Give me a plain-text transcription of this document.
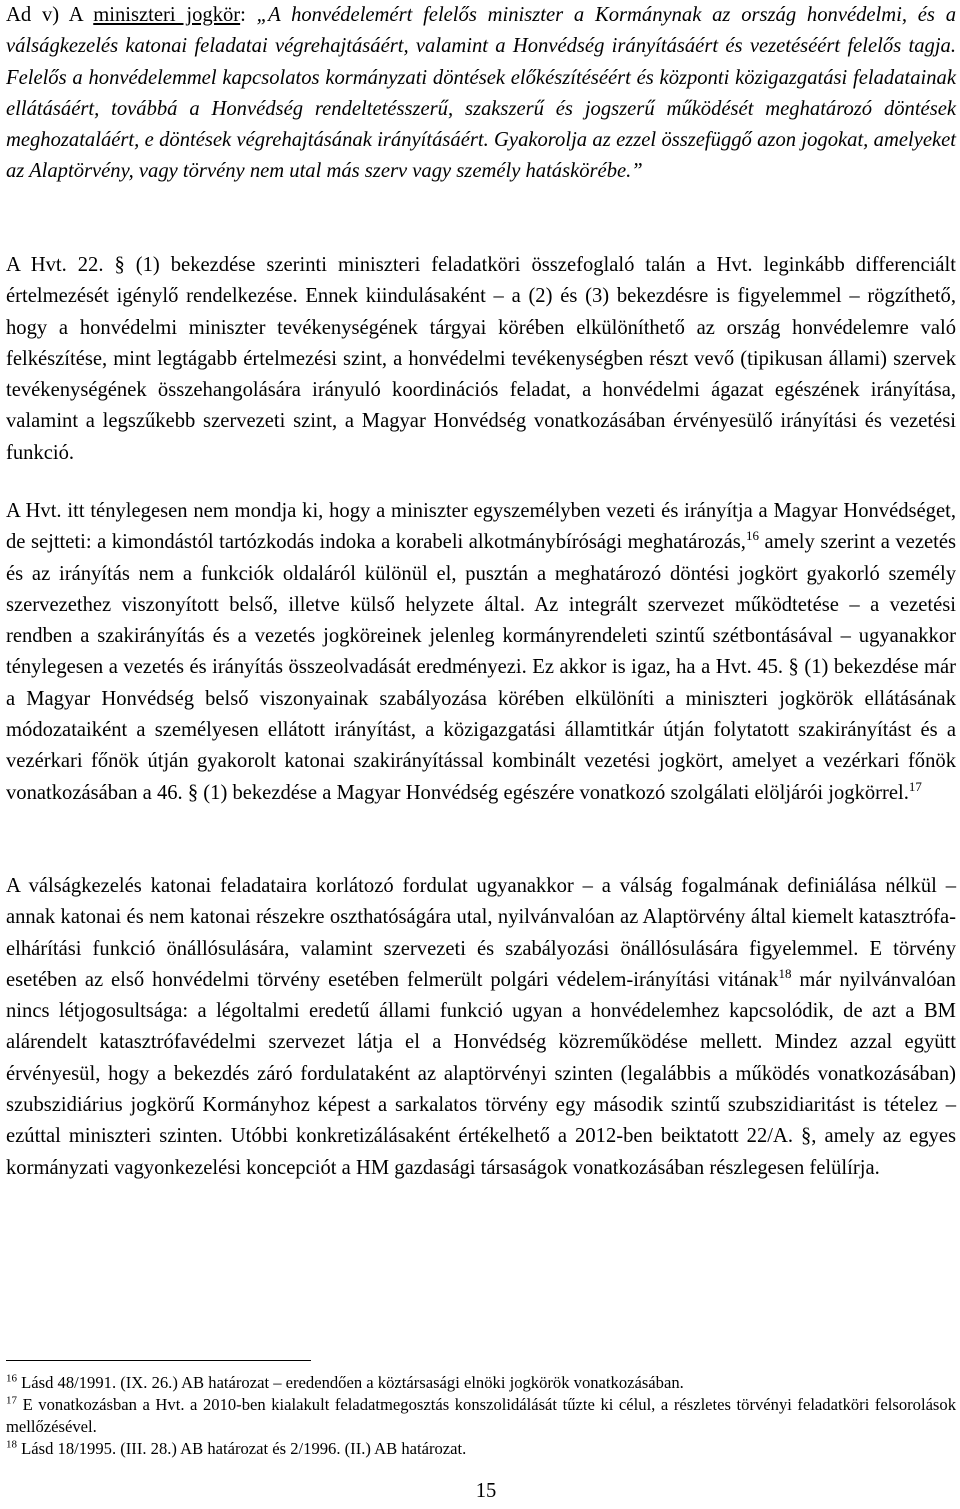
Ad v) A miniszteri jogkör: „A honvédelemért felelős miniszter a Kormánynak az ország honvédelmi, és a válságkezelés katonai feladatai végrehajtásáért, valamint a Honvédség irányításáért és vezetéséért felelős tagja. Felelős a honvédelemmel kapcsolatos kormányzati döntések előkészítéséért és központi közigazgatási feladatainak ellátásáért, továbbá a Honvédség rendeltetésszerű, szakszerű és jogszerű működését meghatározó döntések meghozataláért, e döntések végrehajtásának irányításáért. Gyakorolja az ezzel összefüggő azon jogokat, amelyeket az Alaptörvény, vagy törvény nem utal más szerv vagy személy hatáskörébe.”

A Hvt. 22. § (1) bekezdése szerinti miniszteri feladatköri összefoglaló talán a Hvt. leginkább differenciált értelmezését igénylő rendelkezése. Ennek kiindulásaként – a (2) és (3) bekezdésre is figyelemmel – rögzíthető, hogy a honvédelmi miniszter tevékenységének tárgyai körében elkülöníthető az ország honvédelemre való felkészítése, mint legtágabb értelmezési szint, a honvédelmi tevékenységben részt vevő (tipikusan állami) szervek tevékenységének összehangolására irányuló koordinációs feladat, a honvédelmi ágazat egészének irányítása, valamint a legszűkebb szervezeti szint, a Magyar Honvédség vonatkozásában érvényesülő irányítási és vezetési funkció.

A Hvt. itt ténylegesen nem mondja ki, hogy a miniszter egyszemélyben vezeti és irányítja a Magyar Honvédséget, de sejtteti: a kimondástól tartózkodás indoka a korabeli alkotmánybírósági meghatározás,$^{16}$ amely szerint a vezetés és az irányítás nem a funkciók oldaláról különül el, pusztán a meghatározó döntési jogkört gyakorló személy szervezethez viszonyított belső, illetve külső helyzete által. Az integrált szervezet működtetése – a vezetési rendben a szakirányítás és a vezetés jogköreinek jelenleg kormányrendeleti szintű szétbontásával – ugyanakkor ténylegesen a vezetés és irányítás összeolvadását eredményezi. Ez akkor is igaz, ha a Hvt. 45. § (1) bekezdése már a Magyar Honvédség belső viszonyainak szabályozása körében elkülöníti a miniszteri jogkörök ellátásának módozataiként a személyesen ellátott irányítást, a közigazgatási államtitkár útján folytatott szakirányítást és a vezérkari főnök útján gyakorolt katonai szakirányítással kombinált vezetési jogkört, amelyet a vezérkari főnök vonatkozásában a 46. § (1) bekezdése a Magyar Honvédség egészére vonatkozó szolgálati elöljárói jogkörrel.$^{17}$

A válságkezelés katonai feladataira korlátozó fordulat ugyanakkor – a válság fogalmának definiálása nélkül – annak katonai és nem katonai részekre oszthatóságára utal, nyilvánvalóan az Alaptörvény által kiemelt katasztrófa-elhárítási funkció önállósulására, valamint szervezeti és szabályozási önállósulására figyelemmel. E törvény esetében az első honvédelmi törvény esetében felmerült polgári védelem-irányítási vitának$^{18}$ már nyilvánvalóan nincs létjogosultsága: a légoltalmi eredetű állami funkció ugyan a honvédelemhez kapcsolódik, de azt a BM alárendelt katasztrófavédelmi szervezet látja el a Honvédség közreműködése mellett. Mindez azzal együtt érvényesül, hogy a bekezdés záró fordulataként az alaptörvényi szinten (legalábbis a működés vonatkozásában) szubszidiárius jogkörű Kormányhoz képest a sarkalatos törvény egy második szintű szubszidiaritást is tételez – ezúttal miniszteri szinten. Utóbbi konkretizálásaként értékelhető a 2012-ben beiktatott 22/A. §, amely az egyes kormányzati vagyonkezelési koncepciót a HM gazdasági társaságok vonatkozásában részlegesen felülírja.

$^{16}$ Lásd 48/1991. (IX. 26.) AB határozat – eredendően a köztársasági elnöki jogkörök vonatkozásában.

$^{17}$ E vonatkozásban a Hvt. a 2010-ben kialakult feladatmegosztás konszolidálását tűzte ki célul, a részletes törvényi feladatköri felsorolások mellőzésével.

$^{18}$ Lásd 18/1995. (III. 28.) AB határozat és 2/1996. (II.) AB határozat.

15
